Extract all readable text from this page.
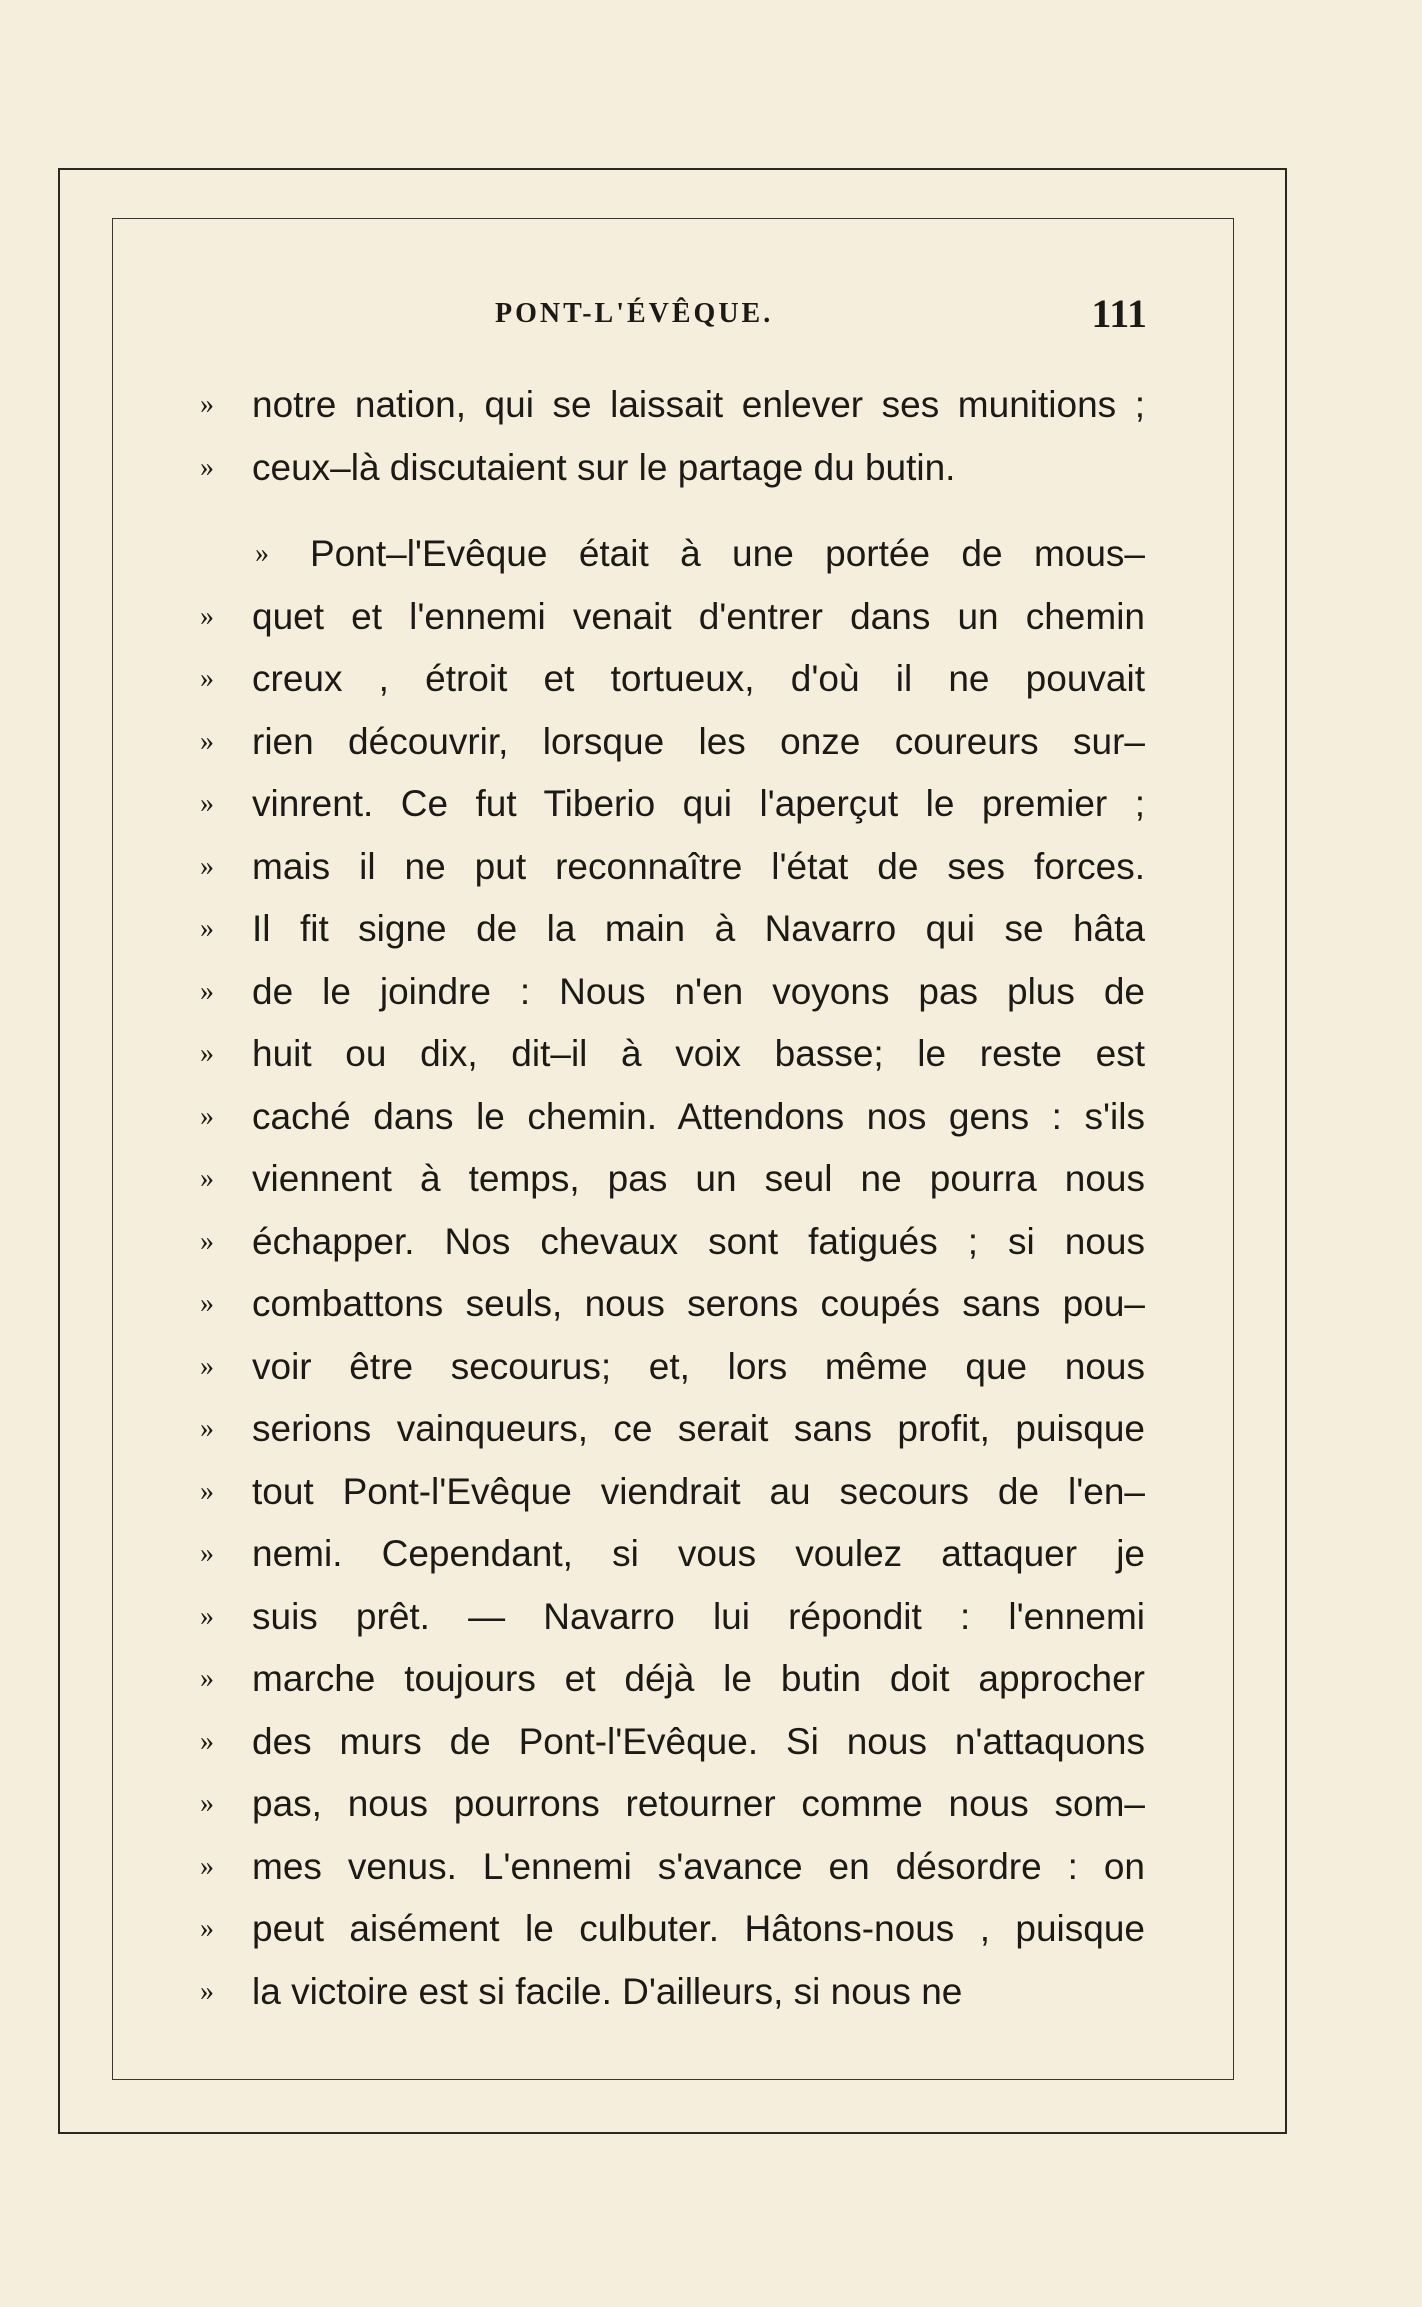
PONT-L'ÉVÊQUE.	111
»	notre nation, qui se laissait enlever ses munitions ;
»	ceux–là discutaient sur le partage du butin.
»	Pont–l'Evêque était à une portée de mous–
»	quet et l'ennemi venait d'entrer dans un chemin
»	creux , étroit et tortueux, d'où il ne pouvait
»	rien découvrir, lorsque les onze coureurs sur–
»	vinrent. Ce fut Tiberio qui l'aperçut le premier ;
»	mais il ne put reconnaître l'état de ses forces.
»	Il fit signe de la main à Navarro qui se hâta
»	de le joindre : Nous n'en voyons pas plus de
»	huit ou dix, dit–il à voix basse; le reste est
»	caché dans le chemin. Attendons nos gens : s'ils
»	viennent à temps, pas un seul ne pourra nous
»	échapper. Nos chevaux sont fatigués ; si nous
»	combattons seuls, nous serons coupés sans pou–
»	voir être secourus; et, lors même que nous
»	serions vainqueurs, ce serait sans profit, puisque
»	tout Pont-l'Evêque viendrait au secours de l'en–
»	nemi. Cependant, si vous voulez attaquer je
»	suis prêt. — Navarro lui répondit : l'ennemi
»	marche toujours et déjà le butin doit approcher
»	des murs de Pont-l'Evêque. Si nous n'attaquons
»	pas, nous pourrons retourner comme nous som–
»	mes venus. L'ennemi s'avance en désordre : on
»	peut aisément le culbuter. Hâtons-nous , puisque
»	la victoire est si facile. D'ailleurs, si nous ne
